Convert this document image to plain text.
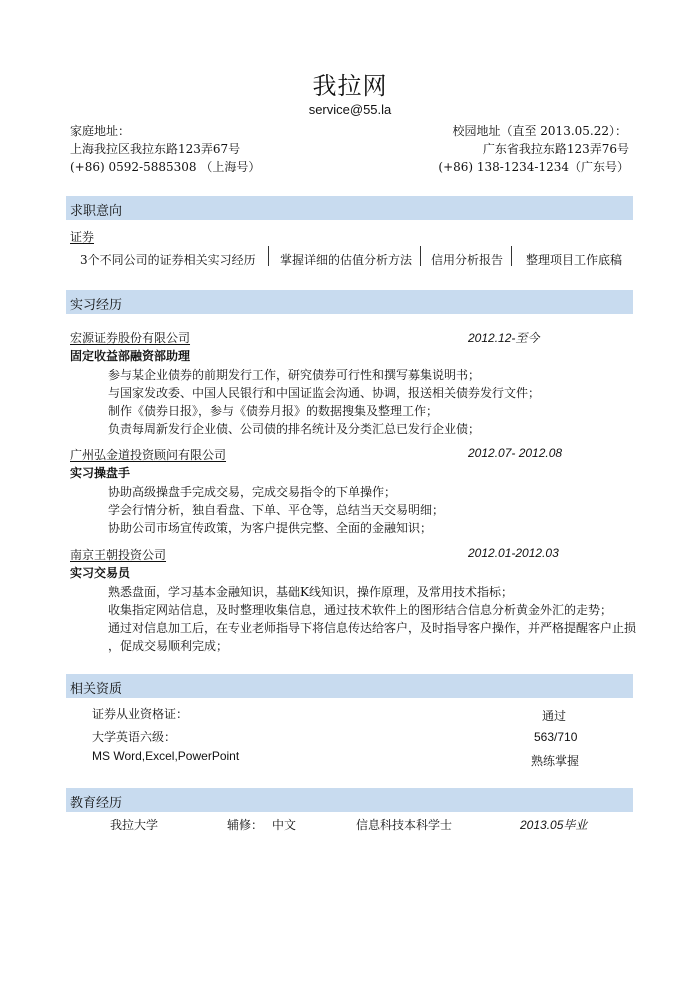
我拉网
service@55.la
家庭地址：
上海我拉区我拉东路123弄67号
(+86) 0592-5885308 （上海号）
校园地址（直至 2013.05.22）：
广东省我拉东路123弄76号
(+86) 138-1234-1234（广东号）
求职意向
证券
3个不同公司的证券相关实习经历 掌握详细的估值分析方法 信用分析报告 整理项目工作底稿
实习经历
宏源证券股份有限公司	2012.12-至今
固定收益部融资部助理
参与某企业债券的前期发行工作，研究债券可行性和撰写募集说明书；
与国家发改委、中国人民银行和中国证监会沟通、协调，报送相关债券发行文件；
制作《债券日报》，参与《债券月报》的数据搜集及整理工作；
负责每周新发行企业债、公司债的排名统计及分类汇总已发行企业债；
广州弘金道投资顾问有限公司	2012.07- 2012.08
实习操盘手
协助高级操盘手完成交易，完成交易指令的下单操作；
学会行情分析，独自看盘、下单、平仓等，总结当天交易明细；
协助公司市场宣传政策，为客户提供完整、全面的金融知识；
南京王朝投资公司	2012.01-2012.03
实习交易员
熟悉盘面，学习基本金融知识，基础K线知识，操作原理，及常用技术指标；
收集指定网站信息，及时整理收集信息，通过技术软件上的图形结合信息分析黄金外汇的走势；
通过对信息加工后，在专业老师指导下将信息传达给客户，及时指导客户操作，并严格提醒客户止损
，促成交易顺利完成；
相关资质
证券从业资格证：	通过
大学英语六级：	563/710
MS Word,Excel,PowerPoint	熟练掌握
教育经历
我拉大学	辅修： 中文	信息科技本科学士	2013.05毕业
